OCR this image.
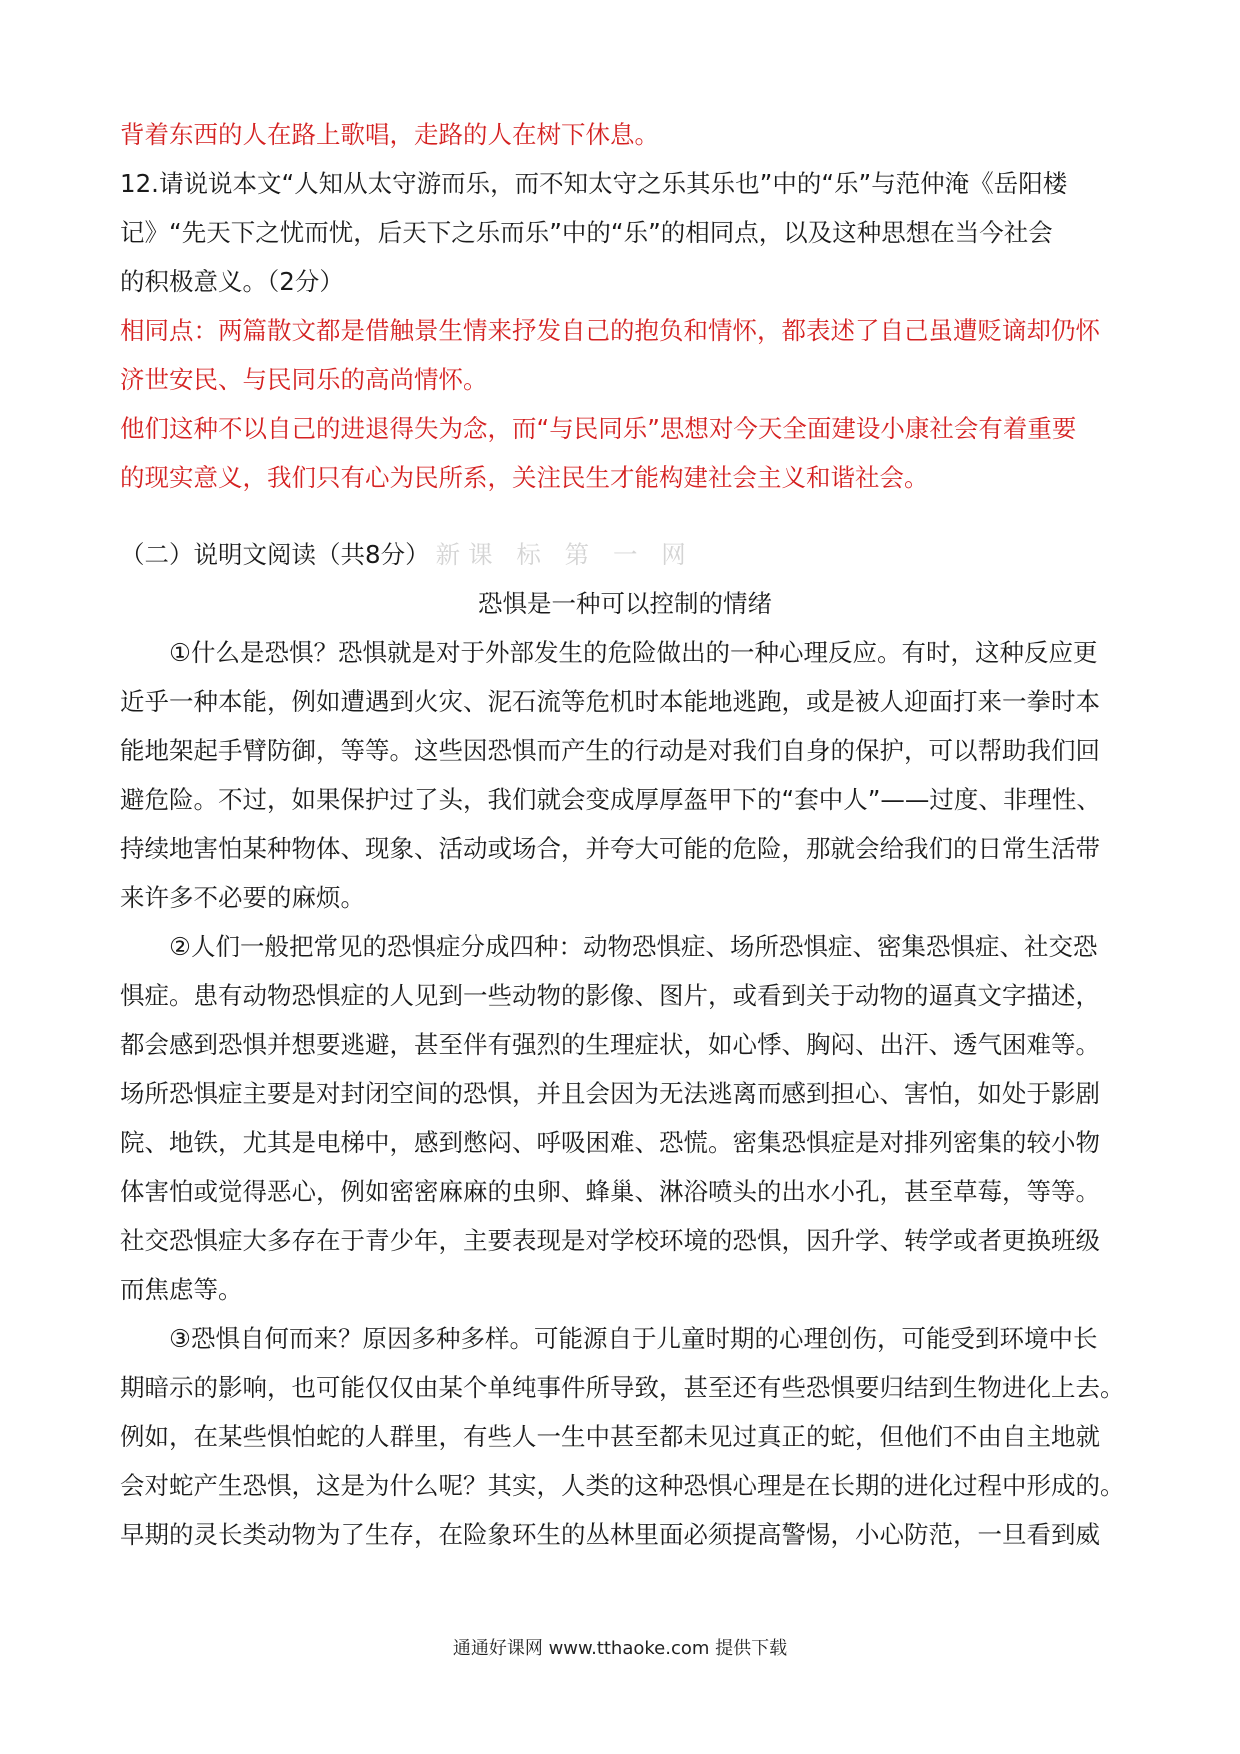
背着东西的人在路上歌唱，走路的人在树下休息。
12.请说说本文“人知从太守游而乐，而不知太守之乐其乐也”中的“乐”与范仲淹《岳阳楼
记》“先天下之忧而忧，后天下之乐而乐”中的“乐”的相同点，以及这种思想在当今社会
的积极意义。（2分）
相同点：两篇散文都是借触景生情来抒发自己的抱负和情怀，都表述了自己虽遭贬谪却仍怀
济世安民、与民同乐的高尚情怀。
他们这种不以自己的进退得失为念，而“与民同乐”思想对今天全面建设小康社会有着重要
的现实意义，我们只有心为民所系，关注民生才能构建社会主义和谐社会。
（二）说明文阅读（共8分） 新课 标 第 一 网
恐惧是一种可以控制的情绪
①什么是恐惧？恐惧就是对于外部发生的危险做出的一种心理反应。有时，这种反应更
近乎一种本能，例如遭遇到火灾、泥石流等危机时本能地逃跑，或是被人迎面打来一拳时本
能地架起手臂防御，等等。这些因恐惧而产生的行动是对我们自身的保护，可以帮助我们回
避危险。不过，如果保护过了头，我们就会变成厚厚盔甲下的“套中人”——过度、非理性、
持续地害怕某种物体、现象、活动或场合，并夸大可能的危险，那就会给我们的日常生活带
来许多不必要的麻烦。
②人们一般把常见的恐惧症分成四种：动物恐惧症、场所恐惧症、密集恐惧症、社交恐
惧症。患有动物恐惧症的人见到一些动物的影像、图片，或看到关于动物的逼真文字描述，
都会感到恐惧并想要逃避，甚至伴有强烈的生理症状，如心悸、胸闷、出汗、透气困难等。
场所恐惧症主要是对封闭空间的恐惧，并且会因为无法逃离而感到担心、害怕，如处于影剧
院、地铁，尤其是电梯中，感到憋闷、呼吸困难、恐慌。密集恐惧症是对排列密集的较小物
体害怕或觉得恶心，例如密密麻麻的虫卵、蜂巢、淋浴喷头的出水小孔，甚至草莓，等等。
社交恐惧症大多存在于青少年，主要表现是对学校环境的恐惧，因升学、转学或者更换班级
而焦虑等。
③恐惧自何而来？原因多种多样。可能源自于儿童时期的心理创伤，可能受到环境中长
期暗示的影响，也可能仅仅由某个单纯事件所导致，甚至还有些恐惧要归结到生物进化上去。
例如，在某些惧怕蛇的人群里，有些人一生中甚至都未见过真正的蛇，但他们不由自主地就
会对蛇产生恐惧，这是为什么呢？其实，人类的这种恐惧心理是在长期的进化过程中形成的。
早期的灵长类动物为了生存，在险象环生的丛林里面必须提高警惕，小心防范，一旦看到威
通通好课网 www.tthaoke.com 提供下载
